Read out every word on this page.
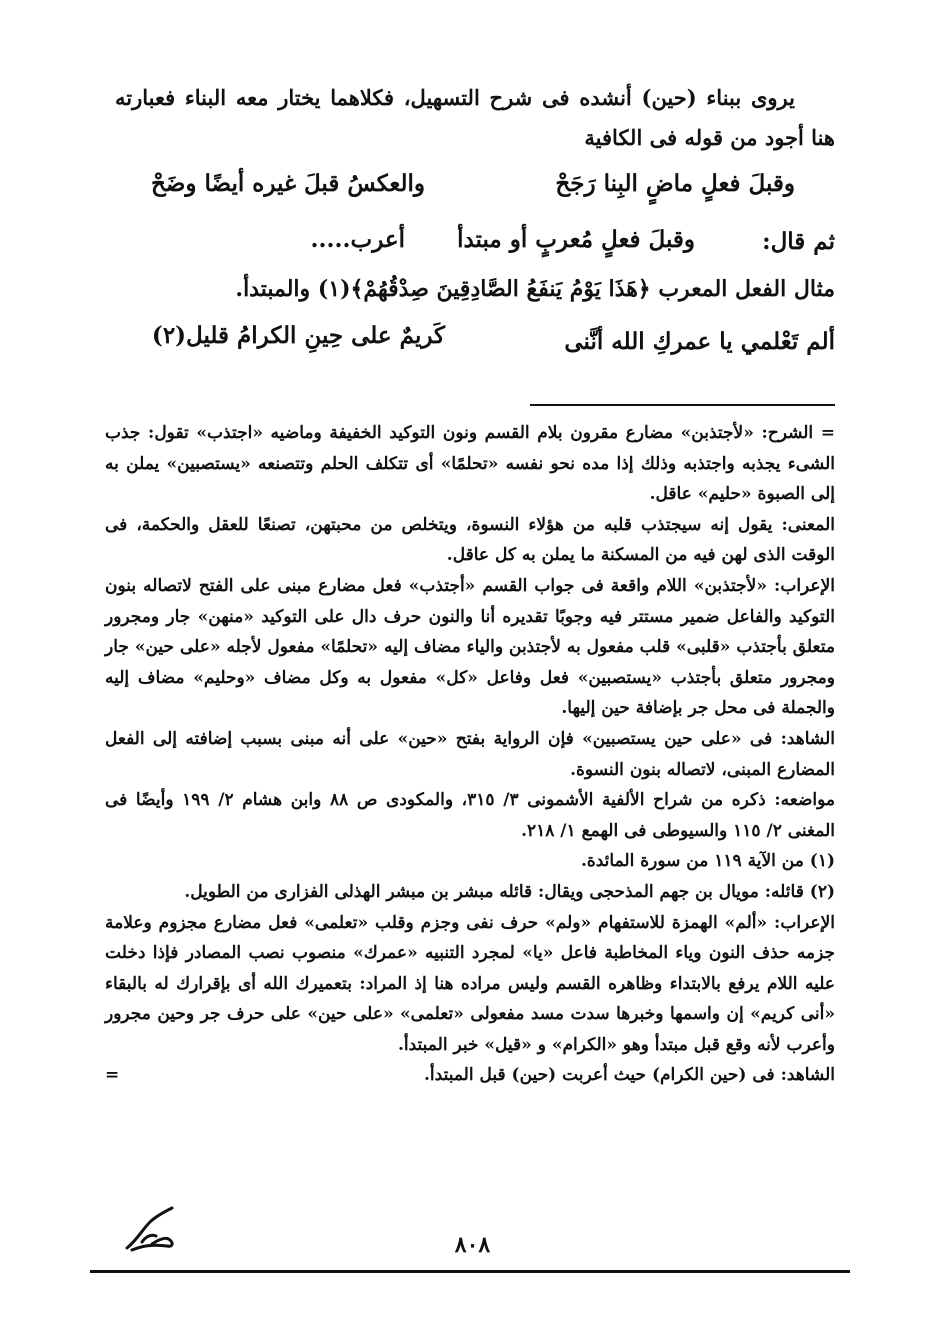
يروى ببناء (حين) أنشده فى شرح التسهيل، فكلاهما يختار معه البناء فعبارته هنا أجود من قوله فى الكافية
وقبلَ فعلٍ ماضٍ البِنا رَجَحْ
والعكسُ قبلَ غيره أيضًا وضَحْ
ثم قال:
وقبلَ فعلٍ مُعربٍ أو مبتدأ
أعرب.....
مثال الفعل المعرب ﴿هَذَا يَوْمُ يَنفَعُ الصَّادِقِينَ صِدْقُهُمْ﴾(١) والمبتدأ.
ألم تَعْلمي يا عمركِ الله أنَّنى
كَريمٌ على حِينِ الكرامُ قليل(٢)

= الشرح: «لأجتذبن» مضارع مقرون بلام القسم ونون التوكيد الخفيفة وماضيه «اجتذب» تقول: جذب الشىء يجذبه واجتذبه وذلك إذا مده نحو نفسه «تحلمًا» أى تتكلف الحلم وتتصنعه «يستصبين» يملن به إلى الصبوة «حليم» عاقل.

المعنى: يقول إنه سيجتذب قلبه من هؤلاء النسوة، ويتخلص من محبتهن، تصنعًا للعقل والحكمة، فى الوقت الذى لهن فيه من المسكنة ما يملن به كل عاقل.

الإعراب: «لأجتذبن» اللام واقعة فى جواب القسم «أجتذب» فعل مضارع مبنى على الفتح لاتصاله بنون التوكيد والفاعل ضمير مستتر فيه وجوبًا تقديره أنا والنون حرف دال على التوكيد «منهن» جار ومجرور متعلق بأجتذب «قلبى» قلب مفعول به لأجتذبن والياء مضاف إليه «تحلمًا» مفعول لأجله «على حين» جار ومجرور متعلق بأجتذب «يستصبين» فعل وفاعل «كل» مفعول به وكل مضاف «وحليم» مضاف إليه والجملة فى محل جر بإضافة حين إليها.

الشاهد: فى «على حين يستصبين» فإن الرواية بفتح «حين» على أنه مبنى بسبب إضافته إلى الفعل المضارع المبنى، لاتصاله بنون النسوة.

مواضعه: ذكره من شراح الألفية الأشمونى ٣/ ٣١٥، والمكودى ص ٨٨ وابن هشام ٢/ ١٩٩ وأيضًا فى المغنى ٢/ ١١٥ والسيوطى فى الهمع ١/ ٢١٨.

(١) من الآية ١١٩ من سورة المائدة.

(٢) قائله: مويال بن جهم المذحجى ويقال: قائله مبشر بن مبشر الهذلى الفزارى من الطويل.

الإعراب: «ألم» الهمزة للاستفهام «ولم» حرف نفى وجزم وقلب «تعلمى» فعل مضارع مجزوم وعلامة جزمه حذف النون وياء المخاطبة فاعل «يا» لمجرد التنبيه «عمرك» منصوب نصب المصادر فإذا دخلت عليه اللام يرفع بالابتداء وظاهره القسم وليس مراده هنا إذ المراد: بتعميرك الله أى بإقرارك له بالبقاء «أنى كريم» إن واسمها وخبرها سدت مسد مفعولى «تعلمى» «على حين» على حرف جر وحين مجرور وأعرب لأنه وقع قبل مبتدأ وهو «الكرام» و «قيل» خبر المبتدأ.

=	الشاهد: فى (حين الكرام) حيث أعربت (حين) قبل المبتدأ.

٨٠٨
